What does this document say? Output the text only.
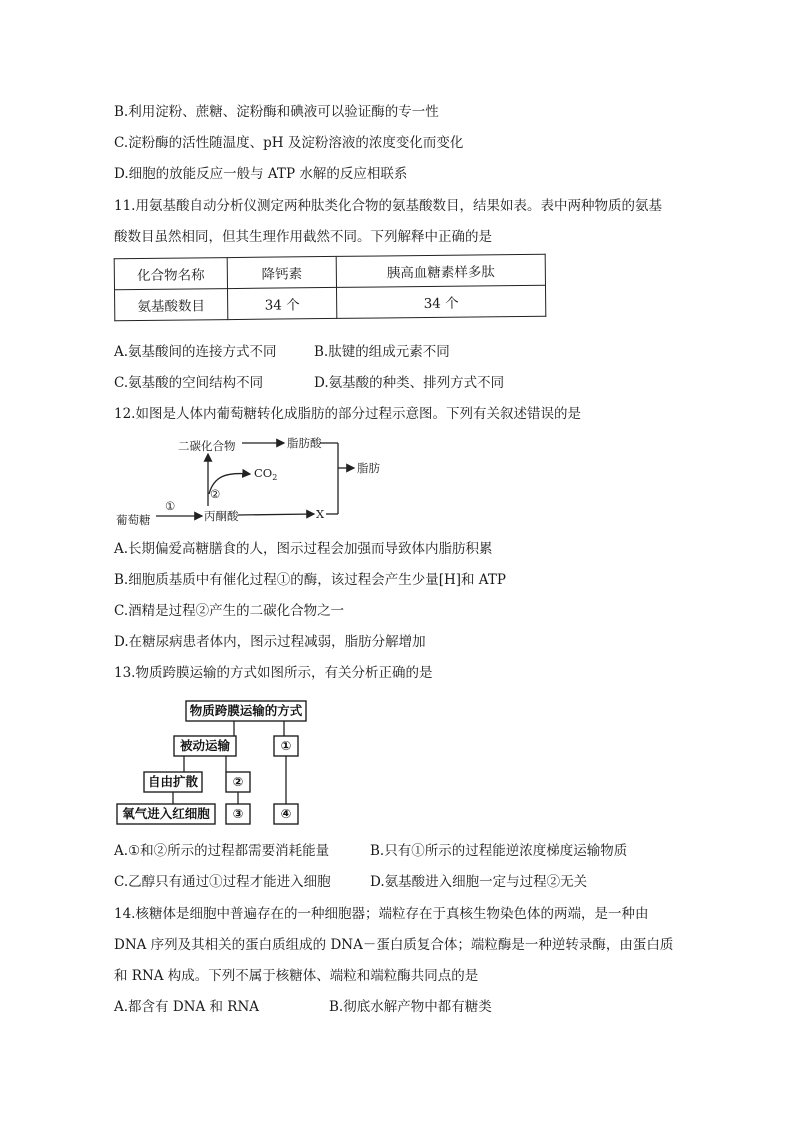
B.利用淀粉、蔗糖、淀粉酶和碘液可以验证酶的专一性
C.淀粉酶的活性随温度、pH 及淀粉溶液的浓度变化而变化
D.细胞的放能反应一般与 ATP 水解的反应相联系
11.用氨基酸自动分析仪测定两种肽类化合物的氨基酸数目，结果如表。表中两种物质的氨基
酸数目虽然相同，但其生理作用截然不同。下列解释中正确的是
化合物名称	降钙素	胰高血糖素样多肽
氨基酸数目	34 个	34 个
A.氨基酸间的连接方式不同	B.肽键的组成元素不同
C.氨基酸的空间结构不同	D.氨基酸的种类、排列方式不同
12.如图是人体内葡萄糖转化成脂肪的部分过程示意图。下列有关叙述错误的是
二碳化合物	脂肪酸
脂肪
$CO_2$
葡萄糖	丙酮酸	X
①
②
A.长期偏爱高糖膳食的人，图示过程会加强而导致体内脂肪积累
B.细胞质基质中有催化过程①的酶，该过程会产生少量[H]和 ATP
C.酒精是过程②产生的二碳化合物之一
D.在糖尿病患者体内，图示过程减弱，脂肪分解增加
13.物质跨膜运输的方式如图所示，有关分析正确的是
物质跨膜运输的方式
被动运输	①
自由扩散	②
氧气进入红细胞 ③	④
A.①和②所示的过程都需要消耗能量	B.只有①所示的过程能逆浓度梯度运输物质
C.乙醇只有通过①过程才能进入细胞	D.氨基酸进入细胞一定与过程②无关
14.核糖体是细胞中普遍存在的一种细胞器；端粒存在于真核生物染色体的两端，是一种由
DNA 序列及其相关的蛋白质组成的 DNA－蛋白质复合体；端粒酶是一种逆转录酶，由蛋白质
和 RNA 构成。下列不属于核糖体、端粒和端粒酶共同点的是
A.都含有 DNA 和 RNA	B.彻底水解产物中都有糖类
